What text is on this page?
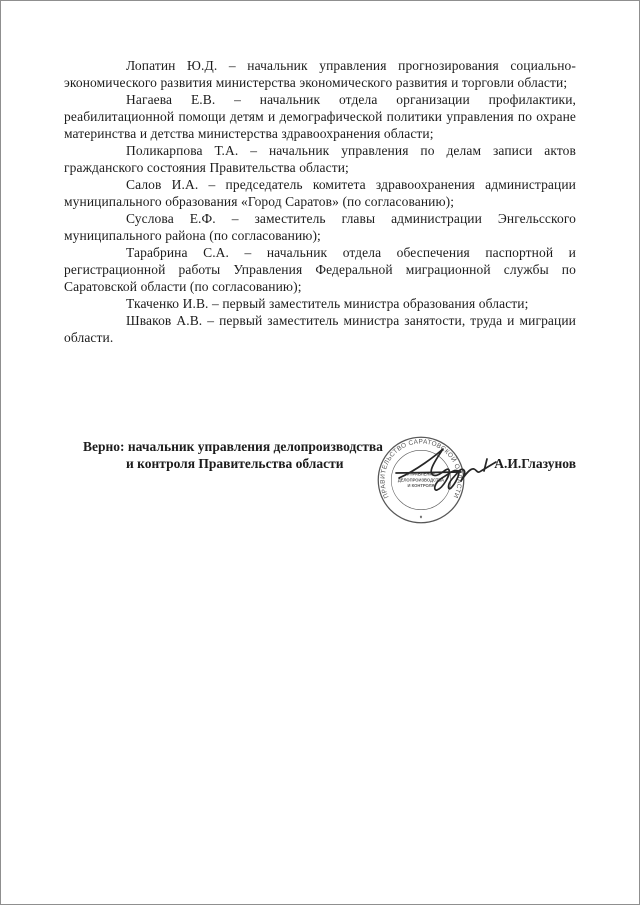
Лопатин Ю.Д. – начальник управления прогнозирования социально-экономического развития министерства экономического развития и торговли области;

Нагаева Е.В. – начальник отдела организации профилактики, реабилитационной помощи детям и демографической политики управления по охране материнства и детства министерства здравоохранения области;

Поликарпова Т.А. – начальник управления по делам записи актов гражданского состояния Правительства области;

Салов И.А. – председатель комитета здравоохранения администрации муниципального образования «Город Саратов» (по согласованию);

Суслова Е.Ф. – заместитель главы администрации Энгельсского муниципального района (по согласованию);

Тарабрина С.А. – начальник отдела обеспечения паспортной и регистрационной работы Управления Федеральной миграционной службы по Саратовской области (по согласованию);

Ткаченко И.В. – первый заместитель министра образования области;

Шваков А.В. – первый заместитель министра занятости, труда и миграции области.

Верно: начальник управления делопроизводства
и контроля Правительства области	А.И.Глазунов
ПРАВИТЕЛЬСТВО САРАТОВСКОЙ ОБЛАСТИ
♦
УПРАВЛЕНИЕ
ДЕЛОПРОИЗВОДСТВА
И КОНТРОЛЯ
